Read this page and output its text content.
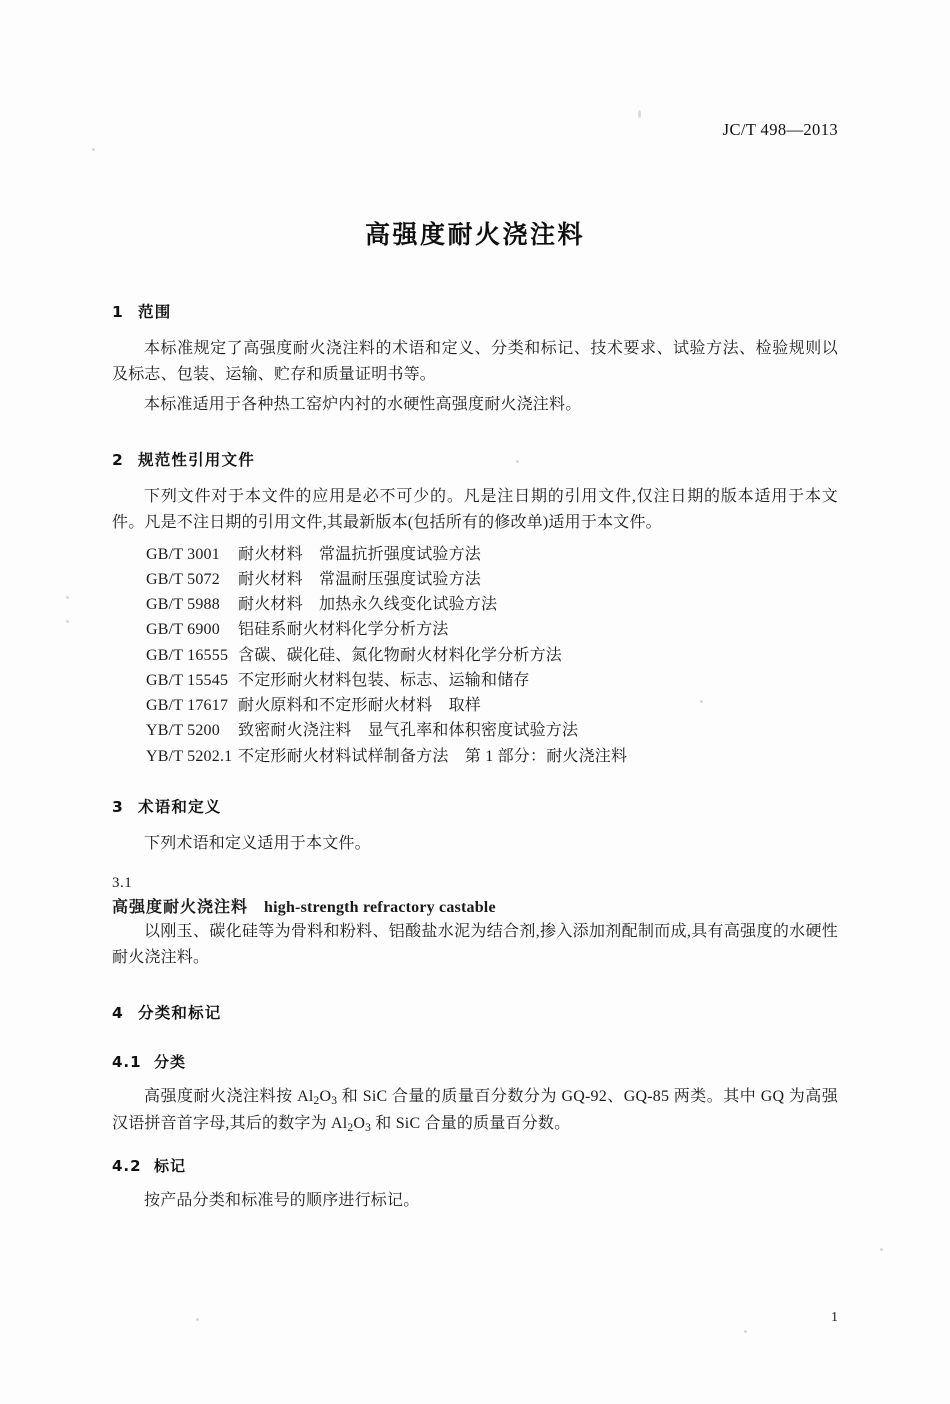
JC/T 498—2013
高强度耐火浇注料
1 范围

本标准规定了高强度耐火浇注料的术语和定义、分类和标记、技术要求、试验方法、检验规则以及标志、包装、运输、贮存和质量证明书等。

本标准适用于各种热工窑炉内衬的水硬性高强度耐火浇注料。

2 规范性引用文件

下列文件对于本文件的应用是必不可少的。凡是注日期的引用文件,仅注日期的版本适用于本文件。凡是不注日期的引用文件,其最新版本(包括所有的修改单)适用于本文件。

GB/T 3001 耐火材料　常温抗折强度试验方法
GB/T 5072 耐火材料　常温耐压强度试验方法
GB/T 5988 耐火材料　加热永久线变化试验方法
GB/T 6900 铝硅系耐火材料化学分析方法
GB/T 16555 含碳、碳化硅、氮化物耐火材料化学分析方法
GB/T 15545 不定形耐火材料包装、标志、运输和储存
GB/T 17617 耐火原料和不定形耐火材料　取样
YB/T 5200 致密耐火浇注料　显气孔率和体积密度试验方法
YB/T 5202.1 不定形耐火材料试样制备方法　第 1 部分：耐火浇注料
3 术语和定义

下列术语和定义适用于本文件。

3.1

高强度耐火浇注料 high-strength refractory castable

以刚玉、碳化硅等为骨料和粉料、铝酸盐水泥为结合剂,掺入添加剂配制而成,具有高强度的水硬性耐火浇注料。

4 分类和标记
4.1 分类

高强度耐火浇注料按 $Al_2O_3$ 和 SiC 合量的质量百分数分为 GQ-92、GQ-85 两类。其中 GQ 为高强汉语拼音首字母,其后的数字为 $Al_2O_3$ 和 SiC 合量的质量百分数。

4.2 标记

按产品分类和标准号的顺序进行标记。

1
